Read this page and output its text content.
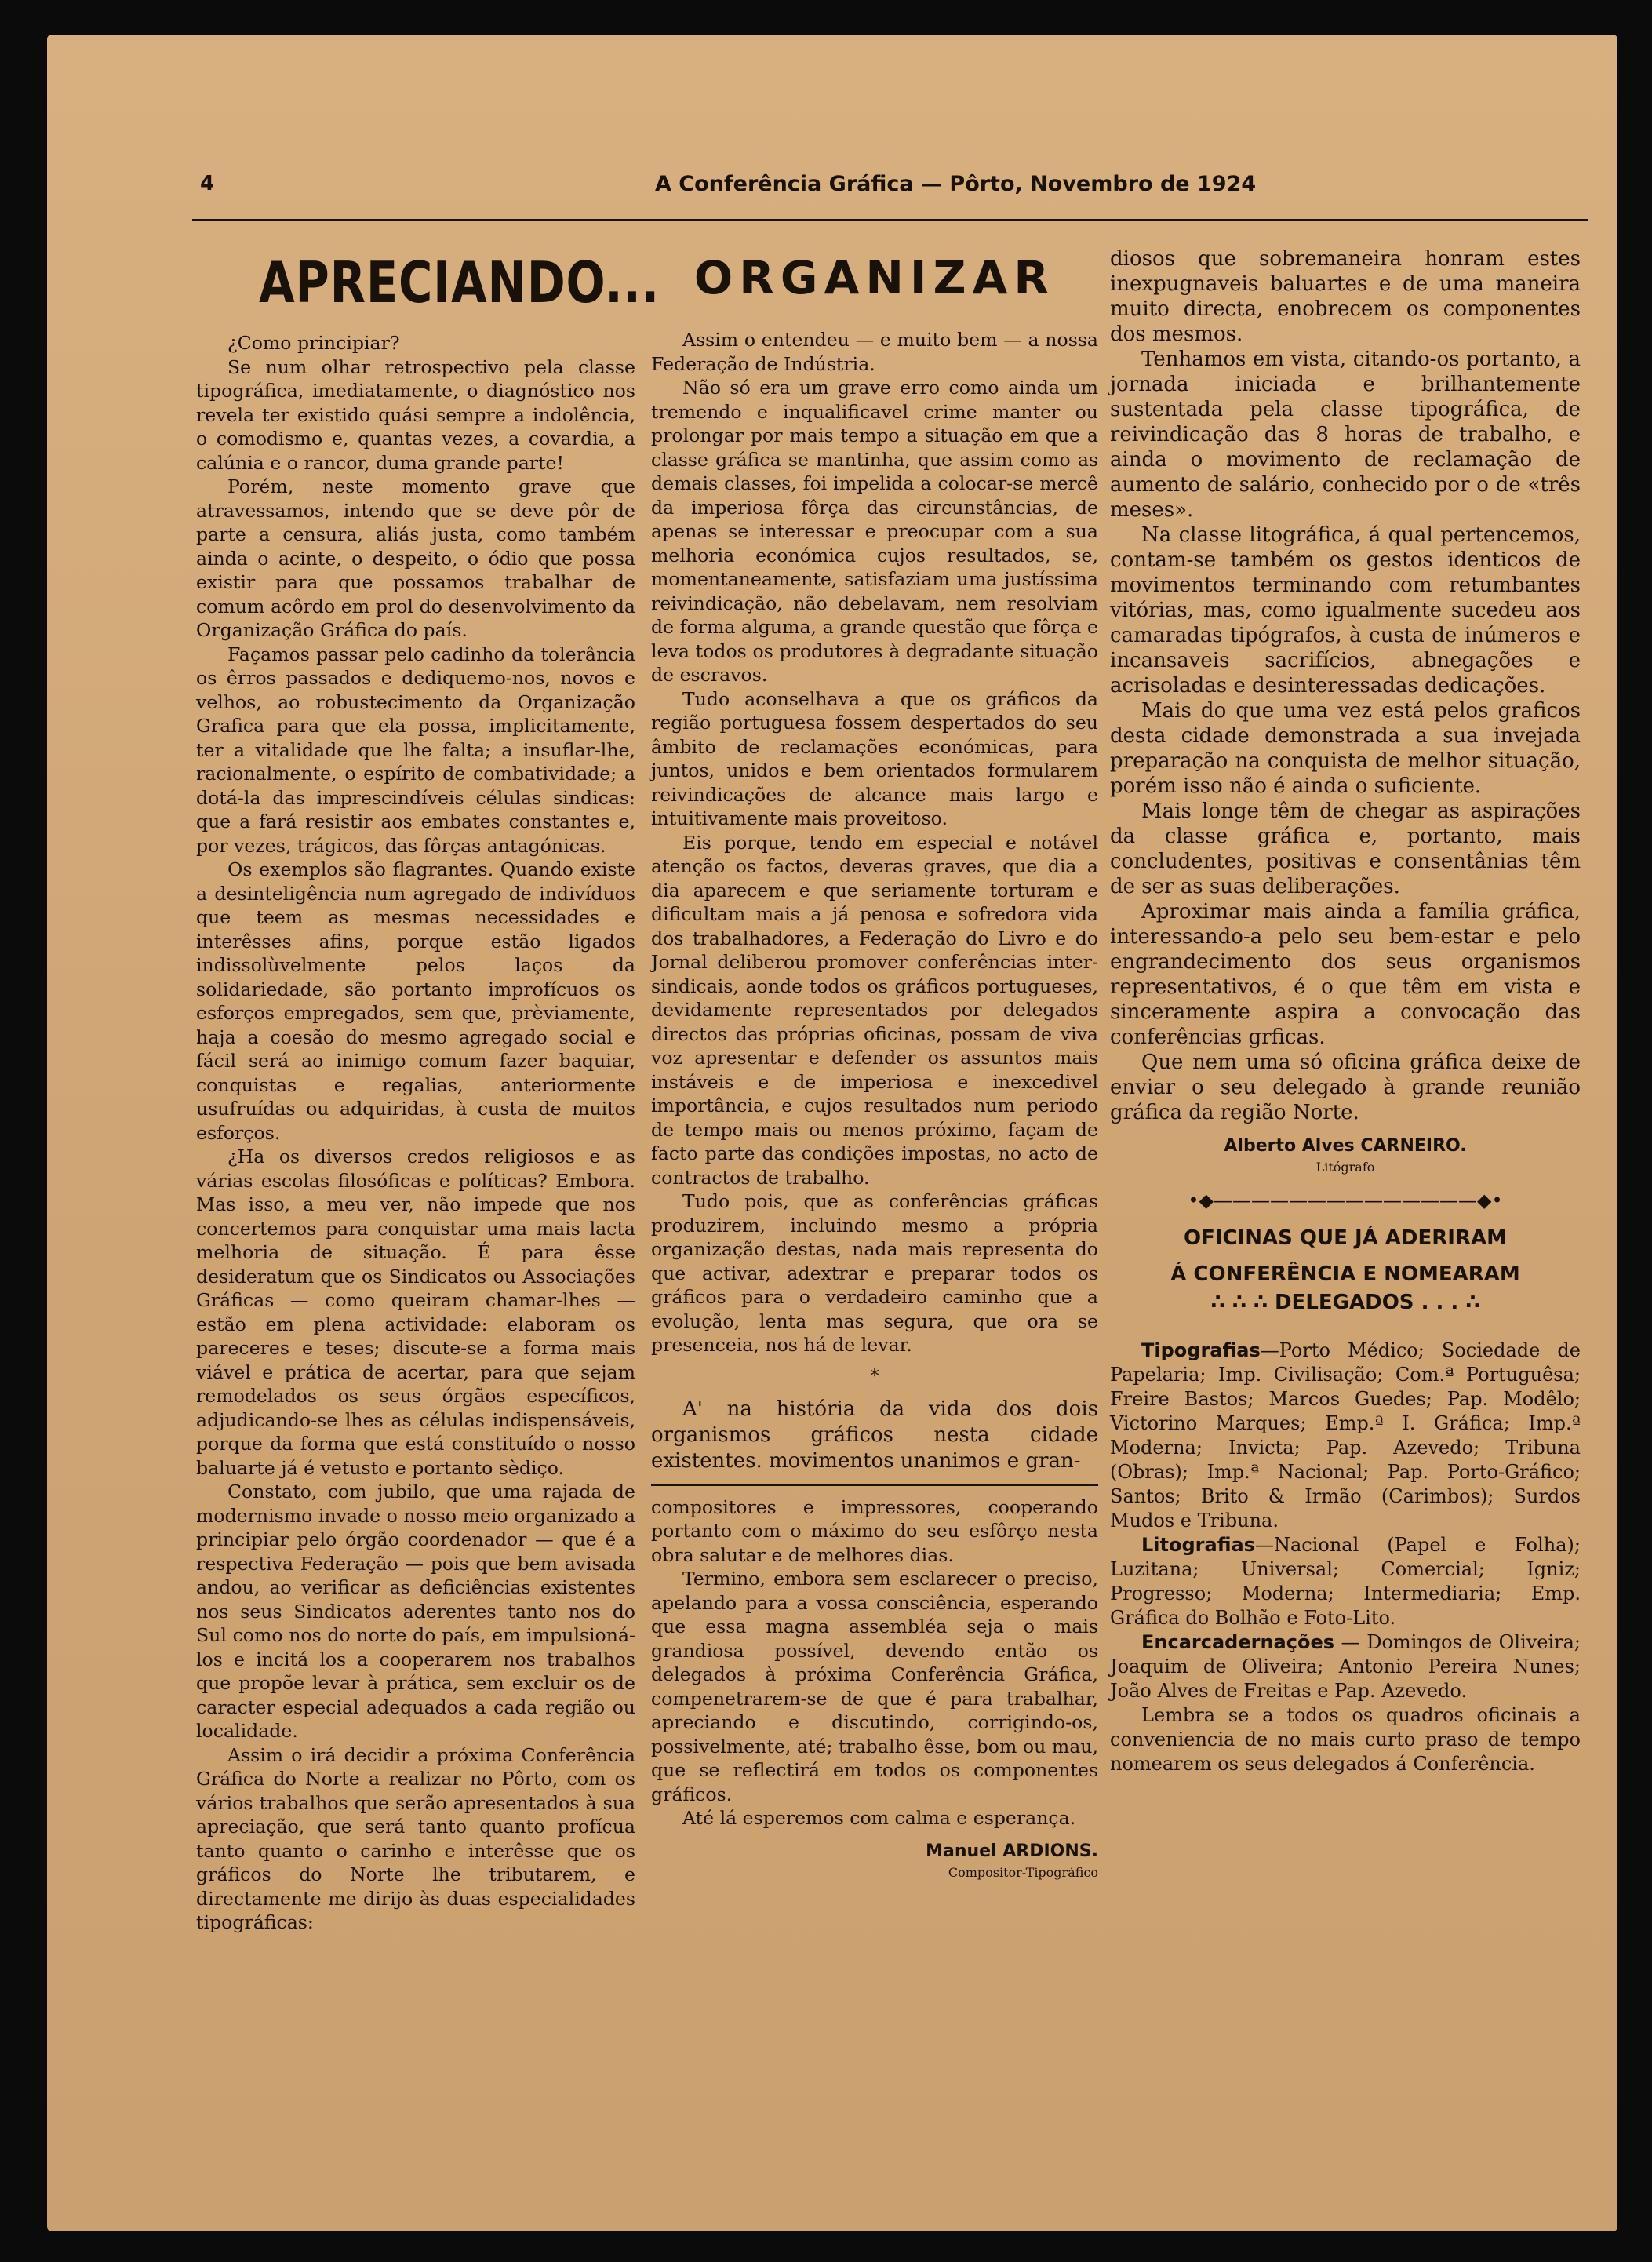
4	A Conferência Gráfica — Pôrto, Novembro de 1924
APRECIANDO...

¿Como principiar?

Se num olhar retrospectivo pela classe tipográfica, imediatamente, o diagnóstico nos revela ter existido quási sempre a indolência, o comodismo e, quantas vezes, a covardia, a calúnia e o rancor, duma grande parte!

Porém, neste momento grave que atravessamos, intendo que se deve pôr de parte a censura, aliás justa, como também ainda o acinte, o despeito, o ódio que possa existir para que possamos trabalhar de comum acôrdo em prol do desenvolvimento da Organização Gráfica do país.

Façamos passar pelo cadinho da tolerância os êrros passados e dediquemo-nos, novos e velhos, ao robustecimento da Organização Grafica para que ela possa, implicitamente, ter a vitalidade que lhe falta; a insuflar-lhe, racionalmente, o espírito de combatividade; a dotá-la das imprescindíveis células sindicas: que a fará resistir aos embates constantes e, por vezes, trágicos, das fôrças antagónicas.

Os exemplos são flagrantes. Quando existe a desinteligência num agregado de indivíduos que teem as mesmas necessidades e interêsses afins, porque estão ligados indissolùvelmente pelos laços da solidariedade, são portanto improfícuos os esforços empregados, sem que, prèviamente, haja a coesão do mesmo agregado social e fácil será ao inimigo comum fazer baquiar, conquistas e regalias, anteriormente usufruídas ou adquiridas, à custa de muitos esforços.

¿Ha os diversos credos religiosos e as várias escolas filosóficas e políticas? Embora. Mas isso, a meu ver, não impede que nos concertemos para conquistar uma mais lacta melhoria de situação. É para êsse desideratum que os Sindicatos ou Associações Gráficas — como queiram chamar-lhes — estão em plena actividade: elaboram os pareceres e teses; discute-se a forma mais viável e prática de acertar, para que sejam remodelados os seus órgãos específicos, adjudicando-se lhes as células indispensáveis, porque da forma que está constituído o nosso baluarte já é vetusto e portanto sèdiço.

Constato, com jubilo, que uma rajada de modernismo invade o nosso meio organizado a principiar pelo órgão coordenador — que é a respectiva Federação — pois que bem avisada andou, ao verificar as deficiências existentes nos seus Sindicatos aderentes tanto nos do Sul como nos do norte do país, em impulsioná-los e incitá los a cooperarem nos trabalhos que propõe levar à prática, sem excluir os de caracter especial adequados a cada região ou localidade.

Assim o irá decidir a próxima Conferência Gráfica do Norte a realizar no Pôrto, com os vários trabalhos que serão apresentados à sua apreciação, que será tanto quanto profícua tanto quanto o carinho e interêsse que os gráficos do Norte lhe tributarem, e directamente me dirijo às duas especialidades tipográficas:

ORGANIZAR

Assim o entendeu — e muito bem — a nossa Federação de Indústria.

Não só era um grave erro como ainda um tremendo e inqualificavel crime manter ou prolongar por mais tempo a situação em que a classe gráfica se mantinha, que assim como as demais classes, foi impelida a colocar-se mercê da imperiosa fôrça das circunstâncias, de apenas se interessar e preocupar com a sua melhoria económica cujos resultados, se, momentaneamente, satisfaziam uma justíssima reivindicação, não debelavam, nem resolviam de forma alguma, a grande questão que fôrça e leva todos os produtores à degradante situação de escravos.

Tudo aconselhava a que os gráficos da região portuguesa fossem despertados do seu âmbito de reclamações económicas, para juntos, unidos e bem orientados formularem reivindicações de alcance mais largo e intuitivamente mais proveitoso.

Eis porque, tendo em especial e notável atenção os factos, deveras graves, que dia a dia aparecem e que seriamente torturam e dificultam mais a já penosa e sofredora vida dos trabalhadores, a Federação do Livro e do Jornal deliberou promover conferências inter-sindicais, aonde todos os gráficos portugueses, devidamente representados por delegados directos das próprias oficinas, possam de viva voz apresentar e defender os assuntos mais instáveis e de imperiosa e inexcedivel importância, e cujos resultados num periodo de tempo mais ou menos próximo, façam de facto parte das condições impostas, no acto de contractos de trabalho.

Tudo pois, que as conferências gráficas produzirem, incluindo mesmo a própria organização destas, nada mais representa do que activar, adextrar e preparar todos os gráficos para o verdadeiro caminho que a evolução, lenta mas segura, que ora se presenceia, nos há de levar.

*

A' na história da vida dos dois organismos gráficos nesta cidade existentes. movimentos unanimos e gran-

compositores e impressores, cooperando portanto com o máximo do seu esfôrço nesta obra salutar e de melhores dias.

Termino, embora sem esclarecer o preciso, apelando para a vossa consciência, esperando que essa magna assembléa seja o mais grandiosa possível, devendo então os delegados à próxima Conferência Gráfica, compenetrarem-se de que é para trabalhar, apreciando e discutindo, corrigindo-os, possivelmente, até; trabalho êsse, bom ou mau, que se reflectirá em todos os componentes gráficos.

Até lá esperemos com calma e esperança.

Manuel ARDIONS.
Compositor-Tipográfico

diosos que sobremaneira honram estes inexpugnaveis baluartes e de uma maneira muito directa, enobrecem os componentes dos mesmos.

Tenhamos em vista, citando-os portanto, a jornada iniciada e brilhantemente sustentada pela classe tipográfica, de reivindicação das 8 horas de trabalho, e ainda o movimento de reclamação de aumento de salário, conhecido por o de «três meses».

Na classe litográfica, á qual pertencemos, contam-se também os gestos identicos de movimentos terminando com retumbantes vitórias, mas, como igualmente sucedeu aos camaradas tipógrafos, à custa de inúmeros e incansaveis sacrifícios, abnegações e acrisoladas e desinteressadas dedicações.

Mais do que uma vez está pelos graficos desta cidade demonstrada a sua invejada preparação na conquista de melhor situação, porém isso não é ainda o suficiente.

Mais longe têm de chegar as aspirações da classe gráfica e, portanto, mais concludentes, positivas e consentânias têm de ser as suas deliberações.

Aproximar mais ainda a família gráfica, interessando-a pelo seu bem-estar e pelo engrandecimento dos seus organismos representativos, é o que têm em vista e sinceramente aspira a convocação das conferências grficas.

Que nem uma só oficina gráfica deixe de enviar o seu delegado à grande reunião gráfica da região Norte.

Alberto Alves CARNEIRO.
Litógrafo
•◆——————————————◆•
OFICINAS QUE JÁ ADERIRAM
Á CONFERÊNCIA E NOMEARAM
∴ ∴ ∴ DELEGADOS . . . ∴

Tipografias—Porto Médico; Sociedade de Papelaria; Imp. Civilisação; Com.ª Portuguêsa; Freire Bastos; Marcos Guedes; Pap. Modêlo; Victorino Marques; Emp.ª I. Gráfica; Imp.ª Moderna; Invicta; Pap. Azevedo; Tribuna (Obras); Imp.ª Nacional; Pap. Porto-Gráfico; Santos; Brito & Irmão (Carimbos); Surdos Mudos e Tribuna.

Litografias—Nacional (Papel e Folha); Luzitana; Universal; Comercial; Igniz; Progresso; Moderna; Intermediaria; Emp. Gráfica do Bolhão e Foto-Lito.

Encarcadernações — Domingos de Oliveira; Joaquim de Oliveira; Antonio Pereira Nunes; João Alves de Freitas e Pap. Azevedo.

Lembra se a todos os quadros oficinais a conveniencia de no mais curto praso de tempo nomearem os seus delegados á Conferência.
